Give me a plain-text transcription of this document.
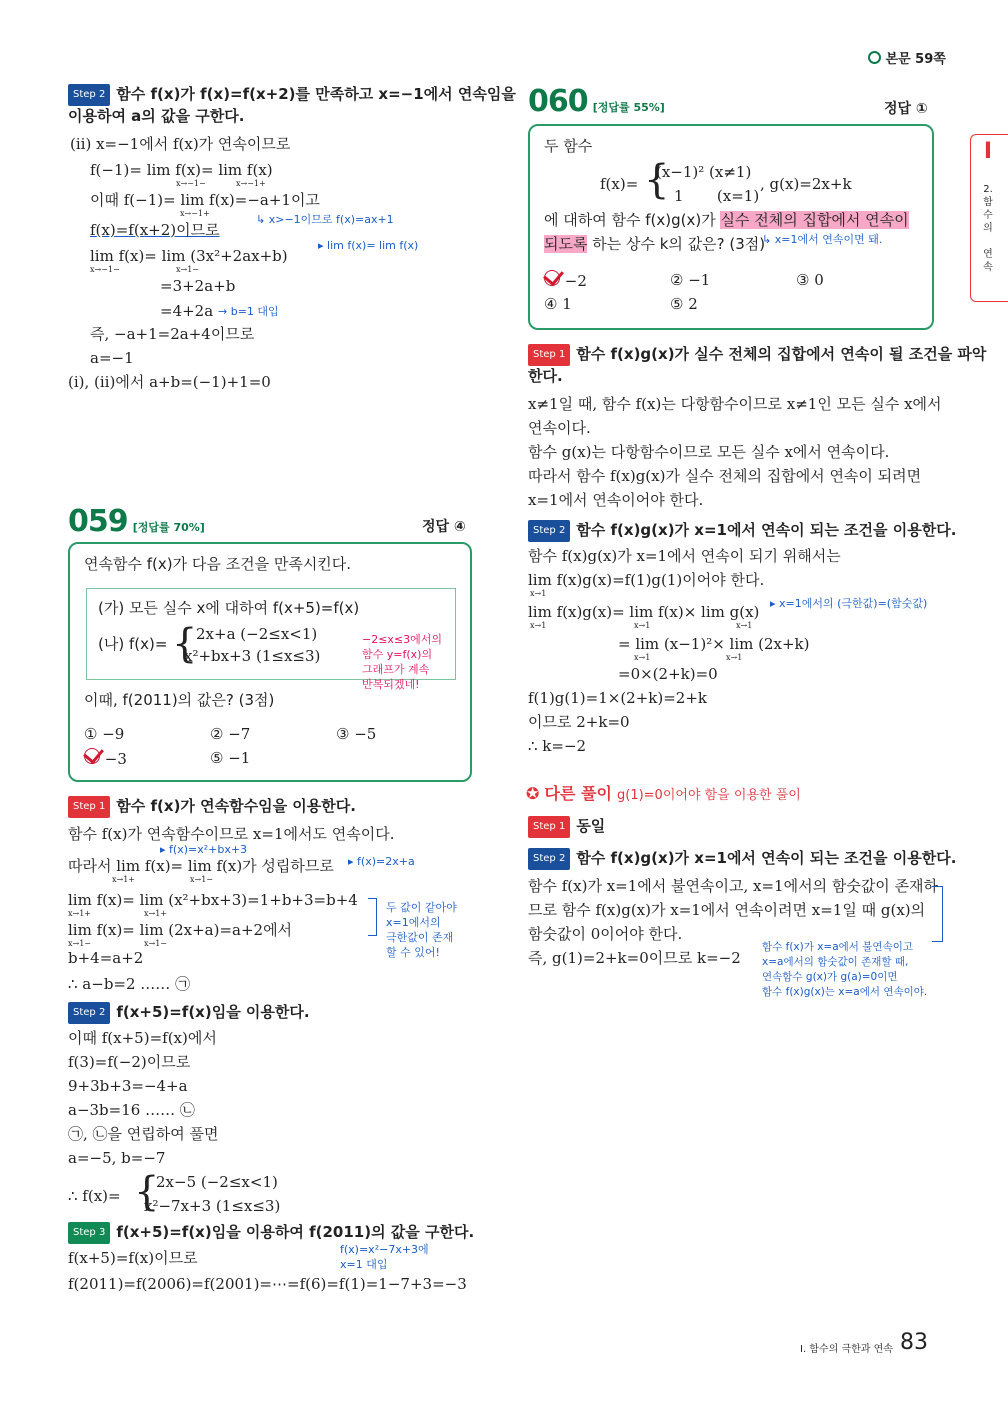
본문 59쪽
I
2.
함
수
의

연
속
Step 2 함수 f(x)가 f(x)=f(x+2)를 만족하고 x=−1에서 연속임을
이용하여 a의 값을 구한다.
(ⅱ) x=−1에서 f(x)가 연속이므로
f(−1)= lim f(x)= lim f(x)
x→−1−	x→−1+
이때 f(−1)= lim f(x)=−a+1이고
x→−1+	↳ x>−1이므로 f(x)=ax+1
f(x)=f(x+2)이므로
lim f(x)= lim (3x²+2ax+b)
x→−1−	x→1−
▸ lim f(x)= lim f(x)
=3+2a+b
=4+2a → b=1 대입
즉, −a+1=2a+4이므로
a=−1
(ⅰ), (ⅱ)에서 a+b=(−1)+1=0
059 [정답률 70%]	정답 ④
연속함수 f(x)가 다음 조건을 만족시킨다.
(가) 모든 실수 x에 대하여 f(x+5)=f(x)
(나) f(x)= {
2x+a (−2≤x<1)
x²+bx+3 (1≤x≤3)
−2≤x≤3에서의
함수 y=f(x)의
그래프가 계속
반복되겠네!
이때, f(2011)의 값은? (3점)
① −9	② −7	③ −5
−3	⑤ −1
Step 1 함수 f(x)가 연속함수임을 이용한다.
함수 f(x)가 연속함수이므로 x=1에서도 연속이다.
▸ f(x)=x²+bx+3
따라서 lim f(x)= lim f(x)가 성립하므로
x→1+	x→1−
▸ f(x)=2x+a
lim f(x)= lim (x²+bx+3)=1+b+3=b+4
x→1+	x→1+
lim f(x)= lim (2x+a)=a+2에서
x→1−	x→1−
두 값이 같아야
x=1에서의
극한값이 존재
할 수 있어!
b+4=a+2
∴ a−b=2 …… ㉠
Step 2 f(x+5)=f(x)임을 이용한다.
이때 f(x+5)=f(x)에서
f(3)=f(−2)이므로
9+3b+3=−4+a
a−3b=16 …… ㉡
㉠, ㉡을 연립하여 풀면
a=−5, b=−7
∴ f(x)= {
2x−5 (−2≤x<1)
x²−7x+3 (1≤x≤3)
Step 3 f(x+5)=f(x)임을 이용하여 f(2011)의 값을 구한다.
f(x)=x²−7x+3에
x=1 대입
f(x+5)=f(x)이므로
f(2011)=f(2006)=f(2001)=⋯=f(6)=f(1)=1−7+3=−3
060 [정답률 55%]	정답 ①
두 함수
f(x)= {
(x−1)² (x≠1)
1       (x=1)
, g(x)=2x+k
에 대하여 함수 f(x)g(x)가 실수 전체의 집합에서 연속이
되도록 하는 상수 k의 값은? (3점)
↳ x=1에서 연속이면 돼.
−2	② −1	③ 0
④ 1	⑤ 2
Step 1 함수 f(x)g(x)가 실수 전체의 집합에서 연속이 될 조건을 파악
한다.
x≠1일 때, 함수 f(x)는 다항함수이므로 x≠1인 모든 실수 x에서
연속이다.
함수 g(x)는 다항함수이므로 모든 실수 x에서 연속이다.
따라서 함수 f(x)g(x)가 실수 전체의 집합에서 연속이 되려면
x=1에서 연속이어야 한다.
Step 2 함수 f(x)g(x)가 x=1에서 연속이 되는 조건을 이용한다.
함수 f(x)g(x)가 x=1에서 연속이 되기 위해서는
lim f(x)g(x)=f(1)g(1)이어야 한다.
x→1
lim f(x)g(x)= lim f(x)× lim g(x)
x→1	x→1	x→1
▸ x=1에서의 (극한값)=(함숫값)
= lim (x−1)²× lim (2x+k)
x→1	x→1
=0×(2+k)=0
f(1)g(1)=1×(2+k)=2+k
이므로 2+k=0
∴ k=−2
✪ 다른 풀이 g(1)=0이어야 함을 이용한 풀이
Step 1 동일
Step 2 함수 f(x)g(x)가 x=1에서 연속이 되는 조건을 이용한다.
함수 f(x)가 x=1에서 불연속이고, x=1에서의 함숫값이 존재하
므로 함수 f(x)g(x)가 x=1에서 연속이려면 x=1일 때 g(x)의
함숫값이 0이어야 한다.
즉, g(1)=2+k=0이므로 k=−2
함수 f(x)가 x=a에서 불연속이고
x=a에서의 함숫값이 존재할 때,
연속함수 g(x)가 g(a)=0이면
함수 f(x)g(x)는 x=a에서 연속이야.
I. 함수의 극한과 연속 83
